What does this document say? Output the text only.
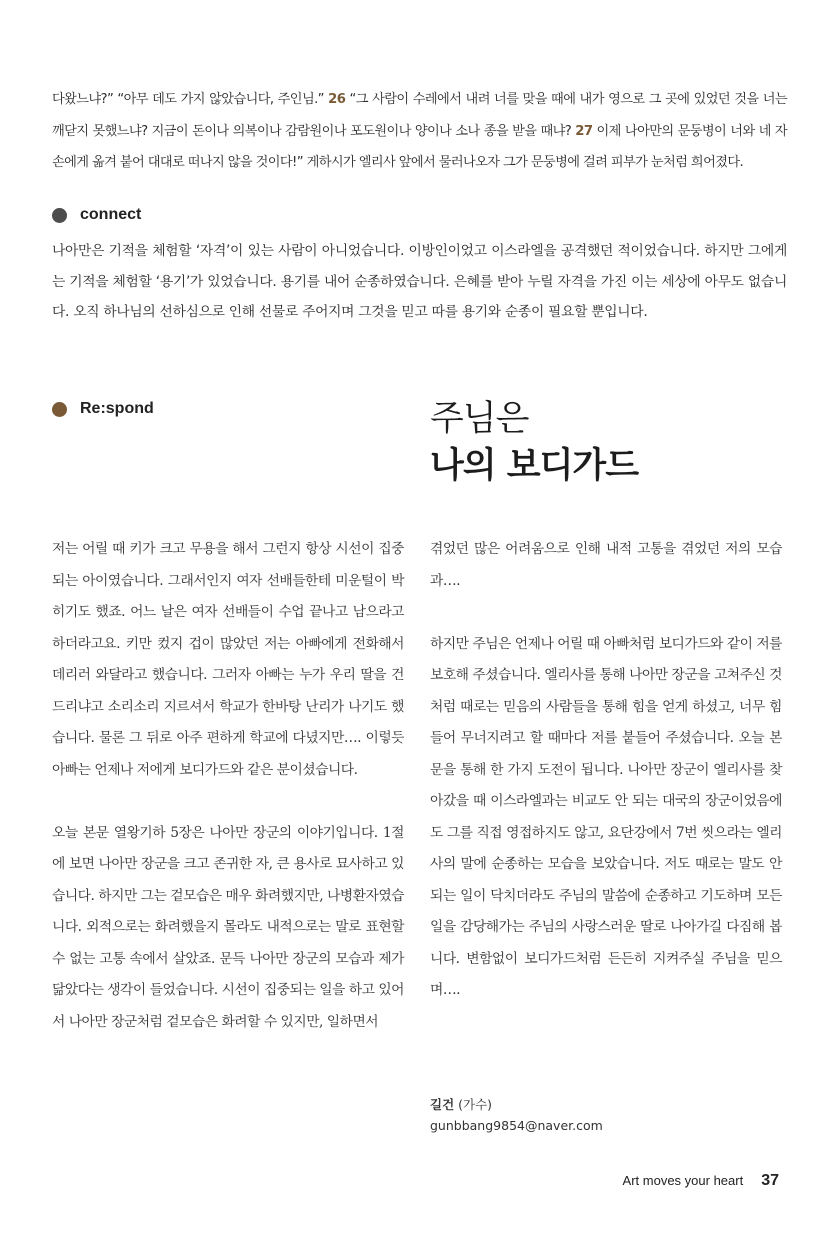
다왔느냐?” “아무 데도 가지 않았습니다, 주인님.” 26 “그 사람이 수레에서 내려 너를 맞을 때에 내가 영으로 그 곳에 있었던 것을 너는 깨닫지 못했느냐? 지금이 돈이나 의복이나 감람원이나 포도원이나 양이나 소나 종을 받을 때냐? 27 이제 나아만의 문둥병이 너와 네 자손에게 옮겨 붙어 대대로 떠나지 않을 것이다!” 게하시가 엘리사 앞에서 물러나오자 그가 문둥병에 걸려 피부가 눈처럼 희어졌다.

connect

나아만은 기적을 체험할 ‘자격’이 있는 사람이 아니었습니다. 이방인이었고 이스라엘을 공격했던 적이었습니다. 하지만 그에게는 기적을 체험할 ‘용기’가 있었습니다. 용기를 내어 순종하였습니다. 은혜를 받아 누릴 자격을 가진 이는 세상에 아무도 없습니다. 오직 하나님의 선하심으로 인해 선물로 주어지며 그것을 믿고 따를 용기와 순종이 필요할 뿐입니다.

Re:spond	주님은
나의 보디가드

저는 어릴 때 키가 크고 무용을 해서 그런지 항상 시선이 집중되는 아이였습니다. 그래서인지 여자 선배들한테 미운털이 박히기도 했죠. 어느 날은 여자 선배들이 수업 끝나고 남으라고 하더라고요. 키만 컸지 겁이 많았던 저는 아빠에게 전화해서 데리러 와달라고 했습니다. 그러자 아빠는 누가 우리 딸을 건드리냐고 소리소리 지르셔서 학교가 한바탕 난리가 나기도 했습니다. 물론 그 뒤로 아주 편하게 학교에 다녔지만…. 이렇듯 아빠는 언제나 저에게 보디가드와 같은 분이셨습니다.

오늘 본문 열왕기하 5장은 나아만 장군의 이야기입니다. 1절에 보면 나아만 장군을 크고 존귀한 자, 큰 용사로 묘사하고 있습니다. 하지만 그는 겉모습은 매우 화려했지만, 나병환자였습니다. 외적으로는 화려했을지 몰라도 내적으로는 말로 표현할 수 없는 고통 속에서 살았죠. 문득 나아만 장군의 모습과 제가 닮았다는 생각이 들었습니다. 시선이 집중되는 일을 하고 있어서 나아만 장군처럼 겉모습은 화려할 수 있지만, 일하면서

겪었던 많은 어려움으로 인해 내적 고통을 겪었던 저의 모습과….

하지만 주님은 언제나 어릴 때 아빠처럼 보디가드와 같이 저를 보호해 주셨습니다. 엘리사를 통해 나아만 장군을 고쳐주신 것처럼 때로는 믿음의 사람들을 통해 힘을 얻게 하셨고, 너무 힘들어 무너지려고 할 때마다 저를 붙들어 주셨습니다. 오늘 본문을 통해 한 가지 도전이 됩니다. 나아만 장군이 엘리사를 찾아갔을 때 이스라엘과는 비교도 안 되는 대국의 장군이었음에도 그를 직접 영접하지도 않고, 요단강에서 7번 씻으라는 엘리사의 말에 순종하는 모습을 보았습니다. 저도 때로는 말도 안 되는 일이 닥치더라도 주님의 말씀에 순종하고 기도하며 모든 일을 감당해가는 주님의 사랑스러운 딸로 나아가길 다짐해 봅니다. 변함없이 보디가드처럼 든든히 지켜주실 주님을 믿으며….

길건 (가수)
gunbbang9854@naver.com
Art moves your heart 37
